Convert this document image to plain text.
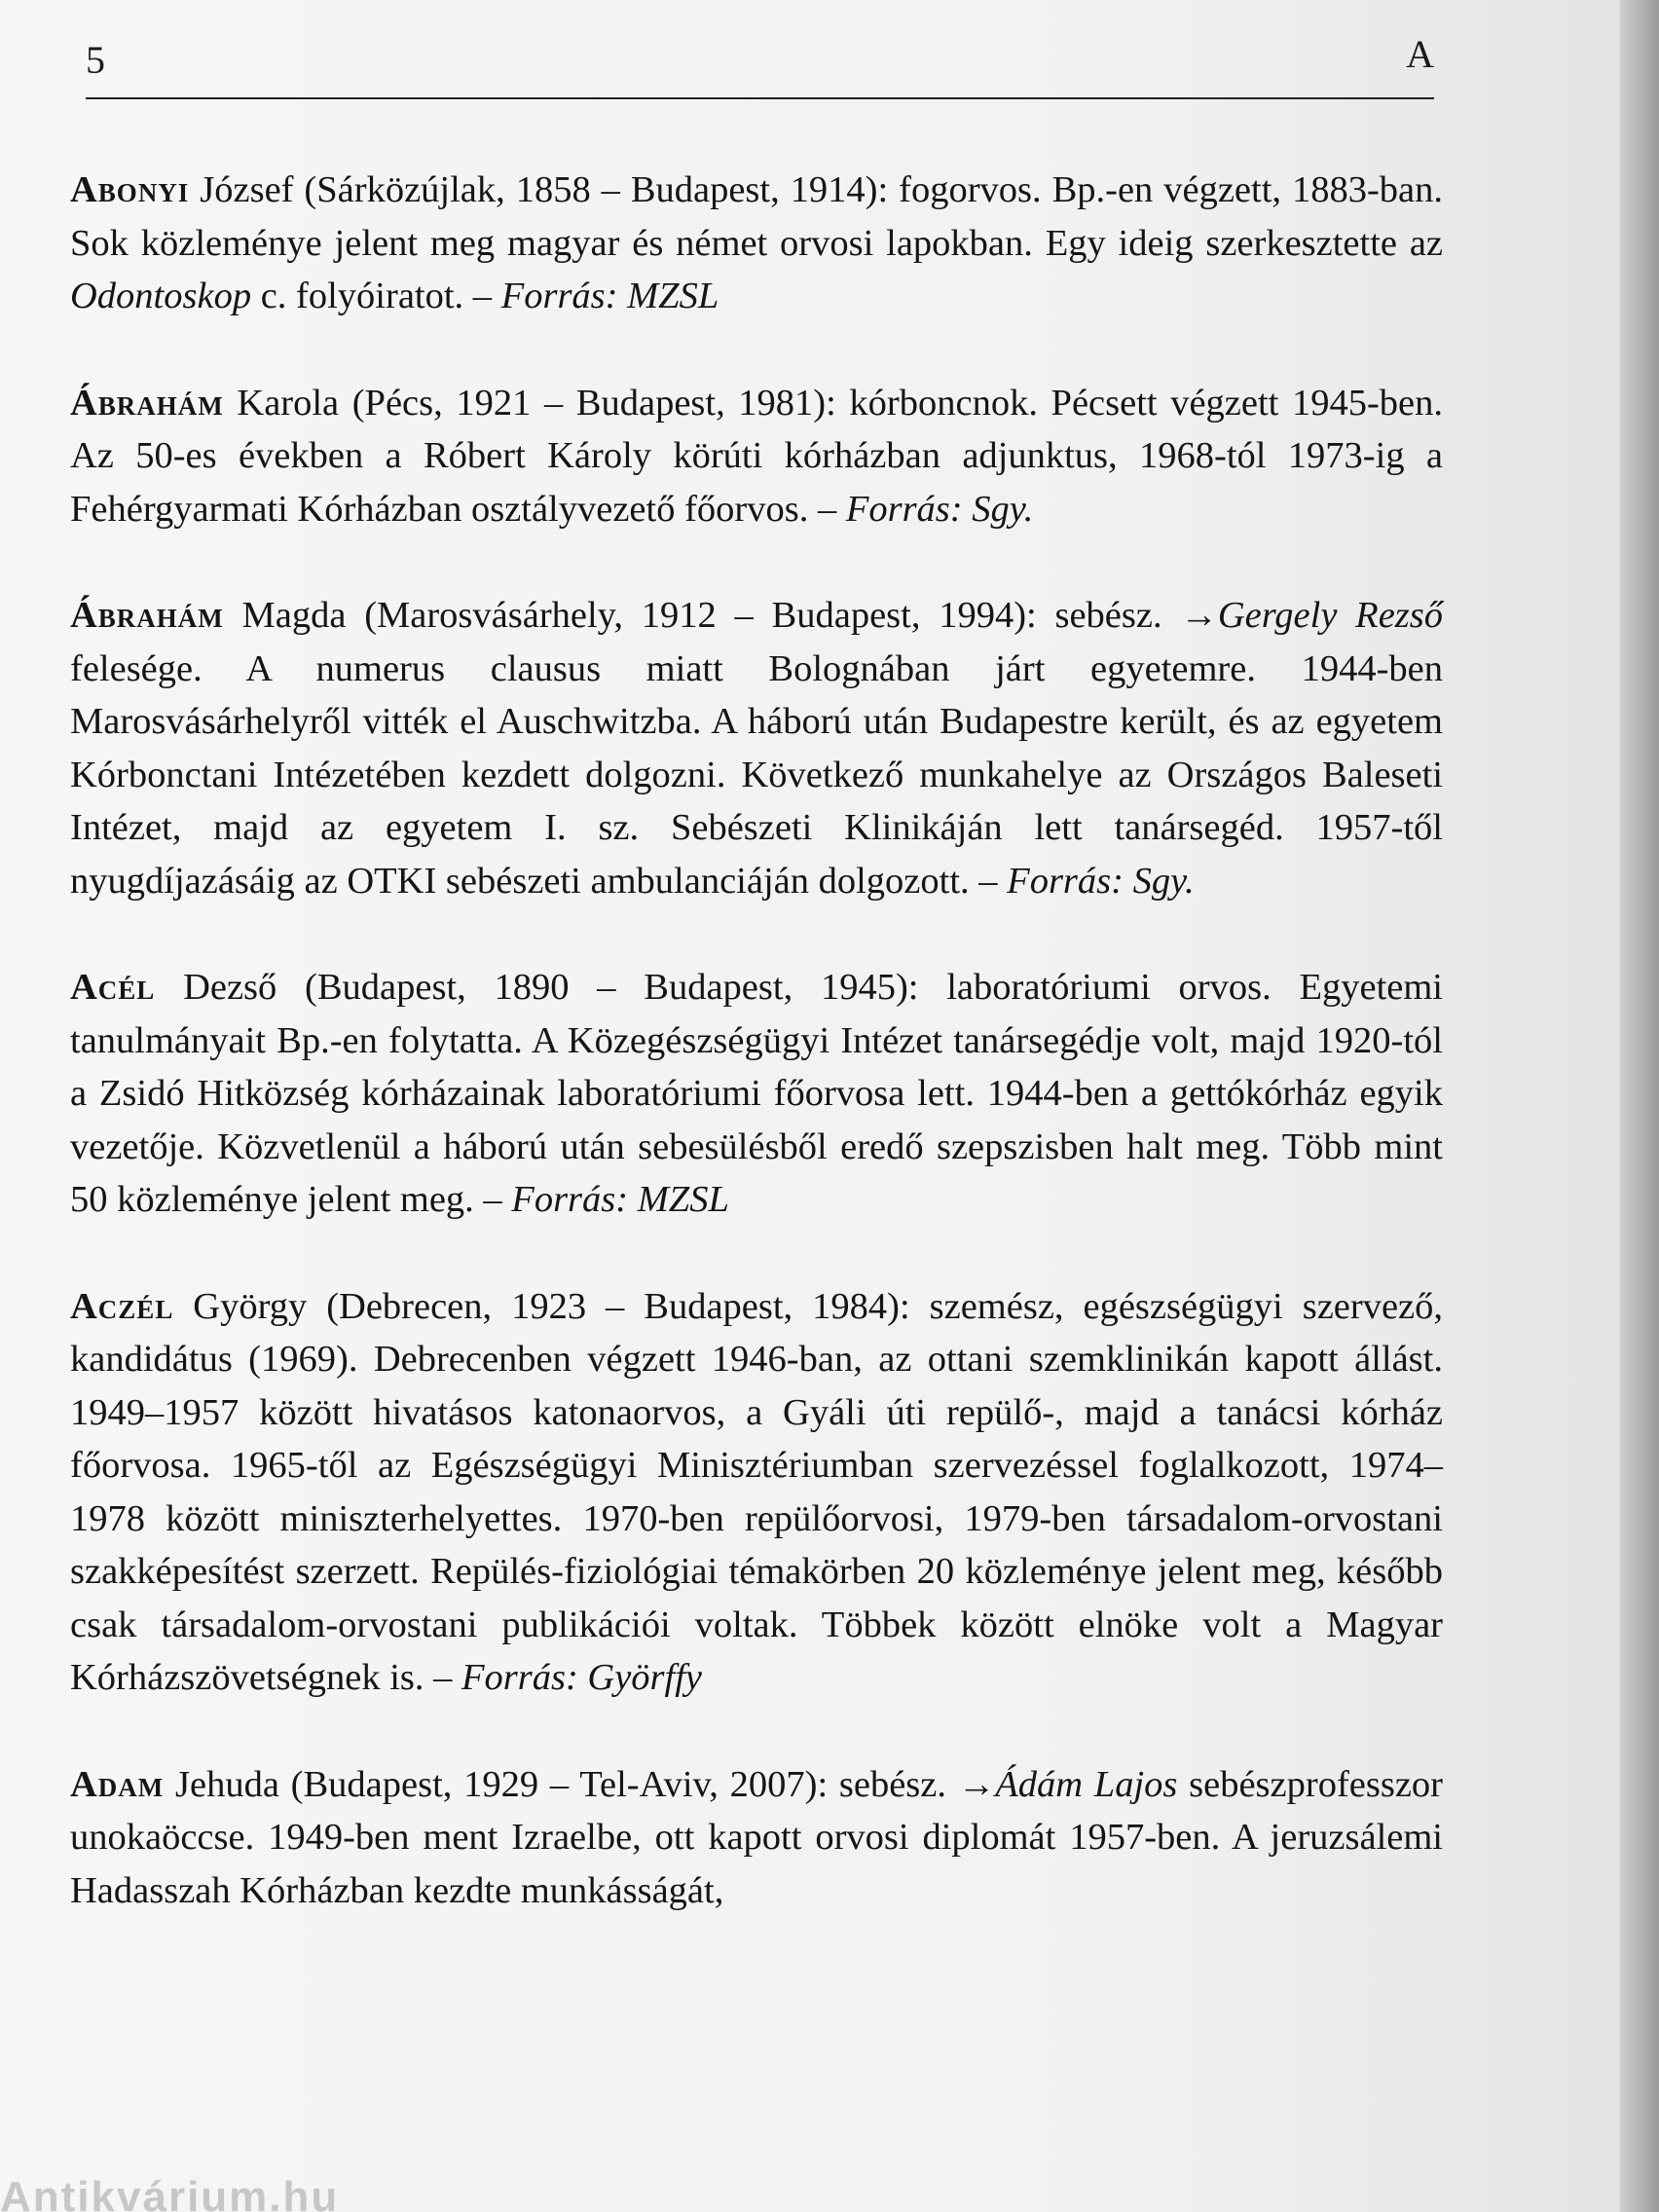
5	A

Abonyi József (Sárközújlak, 1858 – Budapest, 1914): fogorvos. Bp.-en végzett, 1883-ban. Sok közleménye jelent meg magyar és német orvosi lapokban. Egy ideig szerkesztette az Odontoskop c. folyóiratot. – Forrás: MZSL

Ábrahám Karola (Pécs, 1921 – Budapest, 1981): kórboncnok. Pécsett végzett 1945-ben. Az 50-es években a Róbert Károly körúti kórházban adjunktus, 1968-tól 1973-ig a Fehérgyarmati Kórházban osztályvezető főorvos. – Forrás: Sgy.

Ábrahám Magda (Marosvásárhely, 1912 – Budapest, 1994): sebész. →Gergely Rezső felesége. A numerus clausus miatt Bolognában járt egyetemre. 1944-ben Marosvásárhelyről vitték el Auschwitzba. A háború után Budapestre került, és az egyetem Kórbonctani Intézetében kezdett dolgozni. Következő munkahelye az Országos Baleseti Intézet, majd az egyetem I. sz. Sebészeti Klinikáján lett tanársegéd. 1957-től nyugdíjazásáig az OTKI sebészeti ambulanciáján dolgozott. – Forrás: Sgy.

Acél Dezső (Budapest, 1890 – Budapest, 1945): laboratóriumi orvos. Egyetemi tanulmányait Bp.-en folytatta. A Közegészségügyi Intézet tanársegédje volt, majd 1920-tól a Zsidó Hitközség kórházainak laboratóriumi főorvosa lett. 1944-ben a gettókórház egyik vezetője. Közvetlenül a háború után sebesülésből eredő szepszisben halt meg. Több mint 50 közleménye jelent meg. – Forrás: MZSL

Aczél György (Debrecen, 1923 – Budapest, 1984): szemész, egészségügyi szervező, kandidátus (1969). Debrecenben végzett 1946-ban, az ottani szemklinikán kapott állást. 1949–1957 között hivatásos katonaorvos, a Gyáli úti repülő-, majd a tanácsi kórház főorvosa. 1965-től az Egészségügyi Minisztériumban szervezéssel foglalkozott, 1974–1978 között miniszterhelyettes. 1970-ben repülőorvosi, 1979-ben társadalom-orvostani szakképesítést szerzett. Repülés-fiziológiai témakörben 20 közleménye jelent meg, később csak társadalom-orvostani publikációi voltak. Többek között elnöke volt a Magyar Kórházszövetségnek is. – Forrás: Györffy

Adam Jehuda (Budapest, 1929 – Tel-Aviv, 2007): sebész. →Ádám Lajos sebészprofesszor unokaöccse. 1949-ben ment Izraelbe, ott kapott orvosi diplomát 1957-ben. A jeruzsálemi Hadasszah Kórházban kezdte munkásságát,

Antikvárium.hu
